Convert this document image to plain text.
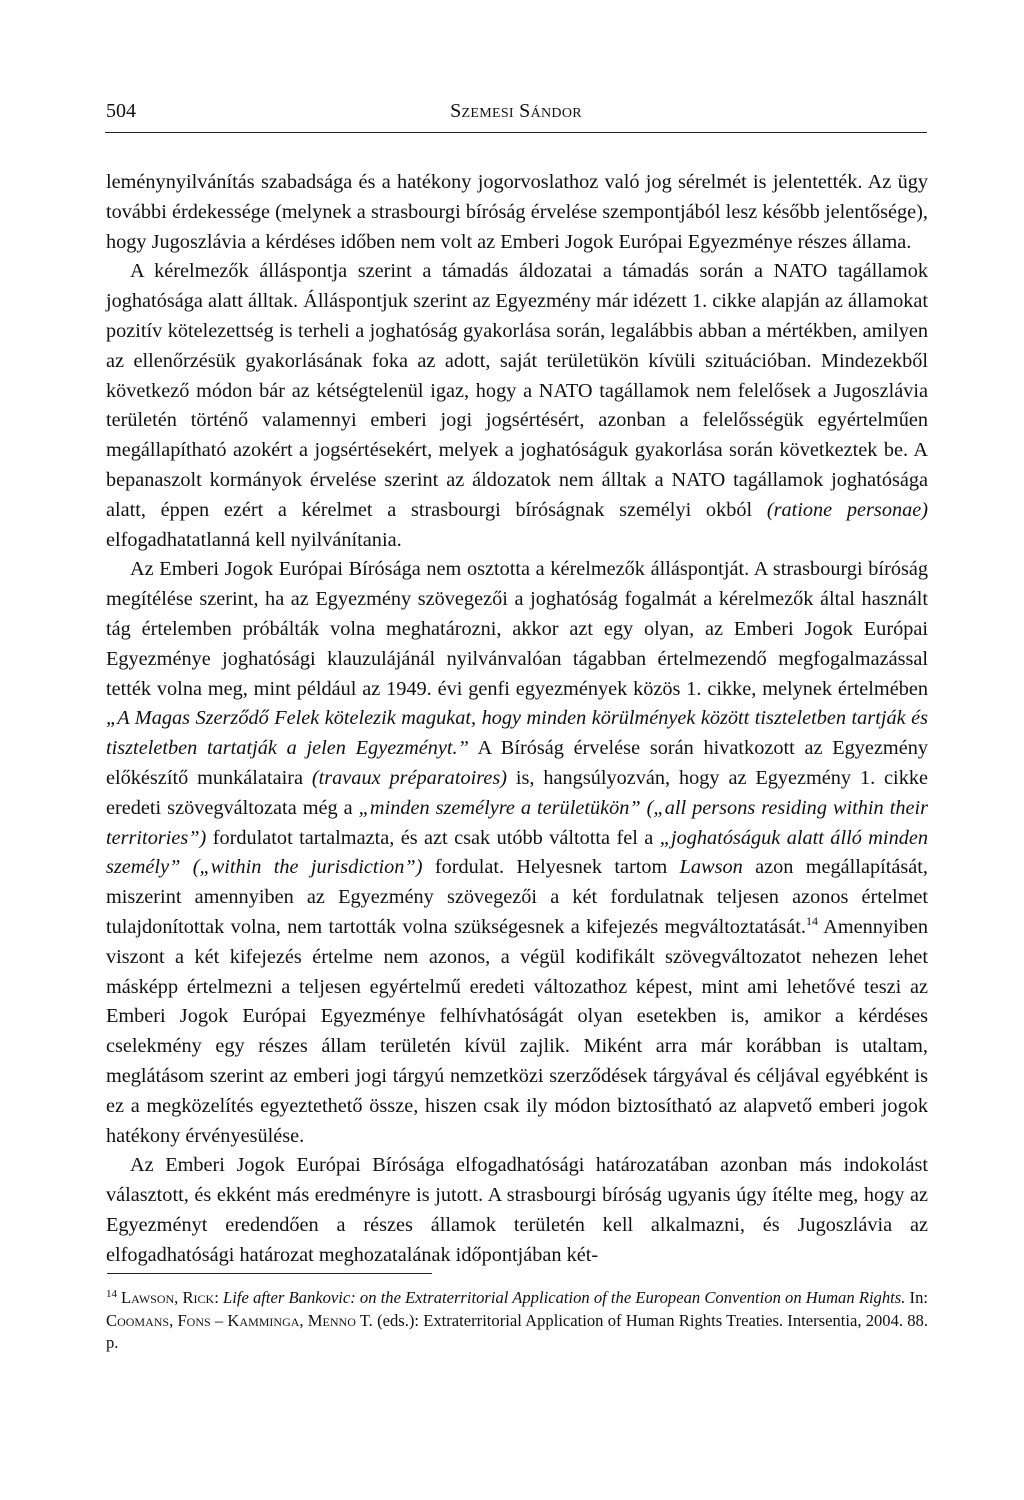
504	Szemesi Sándor

leménynyilvánítás szabadsága és a hatékony jogorvoslathoz való jog sérelmét is jelentették. Az ügy további érdekessége (melynek a strasbourgi bíróság érvelése szempontjából lesz később jelentősége), hogy Jugoszlávia a kérdéses időben nem volt az Emberi Jogok Európai Egyezménye részes állama.

A kérelmezők álláspontja szerint a támadás áldozatai a támadás során a NATO tagállamok joghatósága alatt álltak. Álláspontjuk szerint az Egyezmény már idézett 1. cikke alapján az államokat pozitív kötelezettség is terheli a joghatóság gyakorlása során, legalábbis abban a mértékben, amilyen az ellenőrzésük gyakorlásának foka az adott, saját területükön kívüli szituációban. Mindezekből következő módon bár az kétségtelenül igaz, hogy a NATO tagállamok nem felelősek a Jugoszlávia területén történő valamennyi emberi jogi jogsértésért, azonban a felelősségük egyértelműen megállapítható azokért a jogsértésekért, melyek a joghatóságuk gyakorlása során következtek be. A bepanaszolt kormányok érvelése szerint az áldozatok nem álltak a NATO tagállamok joghatósága alatt, éppen ezért a kérelmet a strasbourgi bíróságnak személyi okból (ratione personae) elfogadhatatlanná kell nyilvánítania.

Az Emberi Jogok Európai Bírósága nem osztotta a kérelmezők álláspontját. A strasbourgi bíróság megítélése szerint, ha az Egyezmény szövegezői a joghatóság fogalmát a kérelmezők által használt tág értelemben próbálták volna meghatározni, akkor azt egy olyan, az Emberi Jogok Európai Egyezménye joghatósági klauzulájánál nyilvánvalóan tágabban értelmezendő megfogalmazással tették volna meg, mint például az 1949. évi genfi egyezmények közös 1. cikke, melynek értelmében „A Magas Szerződő Felek kötelezik magukat, hogy minden körülmények között tiszteletben tartják és tiszteletben tartatják a jelen Egyezményt.” A Bíróság érvelése során hivatkozott az Egyezmény előkészítő munkálataira (travaux préparatoires) is, hangsúlyozván, hogy az Egyezmény 1. cikke eredeti szövegváltozata még a „minden személyre a területükön” („all persons residing within their territories”) fordulatot tartalmazta, és azt csak utóbb váltotta fel a „joghatóságuk alatt álló minden személy” („within the jurisdiction”) fordulat. Helyesnek tartom Lawson azon megállapítását, miszerint amennyiben az Egyezmény szövegezői a két fordulatnak teljesen azonos értelmet tulajdonítottak volna, nem tartották volna szükségesnek a kifejezés megváltoztatását.$^{14}$ Amennyiben viszont a két kifejezés értelme nem azonos, a végül kodifikált szövegváltozatot nehezen lehet másképp értelmezni a teljesen egyértelmű eredeti változathoz képest, mint ami lehetővé teszi az Emberi Jogok Európai Egyezménye felhívhatóságát olyan esetekben is, amikor a kérdéses cselekmény egy részes állam területén kívül zajlik. Miként arra már korábban is utaltam, meglátásom szerint az emberi jogi tárgyú nemzetközi szerződések tárgyával és céljával egyébként is ez a megközelítés egyeztethető össze, hiszen csak ily módon biztosítható az alapvető emberi jogok hatékony érvényesülése.

Az Emberi Jogok Európai Bírósága elfogadhatósági határozatában azonban más indokolást választott, és ekként más eredményre is jutott. A strasbourgi bíróság ugyanis úgy ítélte meg, hogy az Egyezményt eredendően a részes államok területén kell alkalmazni, és Jugoszlávia az elfogadhatósági határozat meghozatalának időpontjában két-

$^{14}$ Lawson, Rick: Life after Bankovic: on the Extraterritorial Application of the European Convention on Human Rights. In: Coomans, Fons – Kamminga, Menno T. (eds.): Extraterritorial Application of Human Rights Treaties. Intersentia, 2004. 88. p.
